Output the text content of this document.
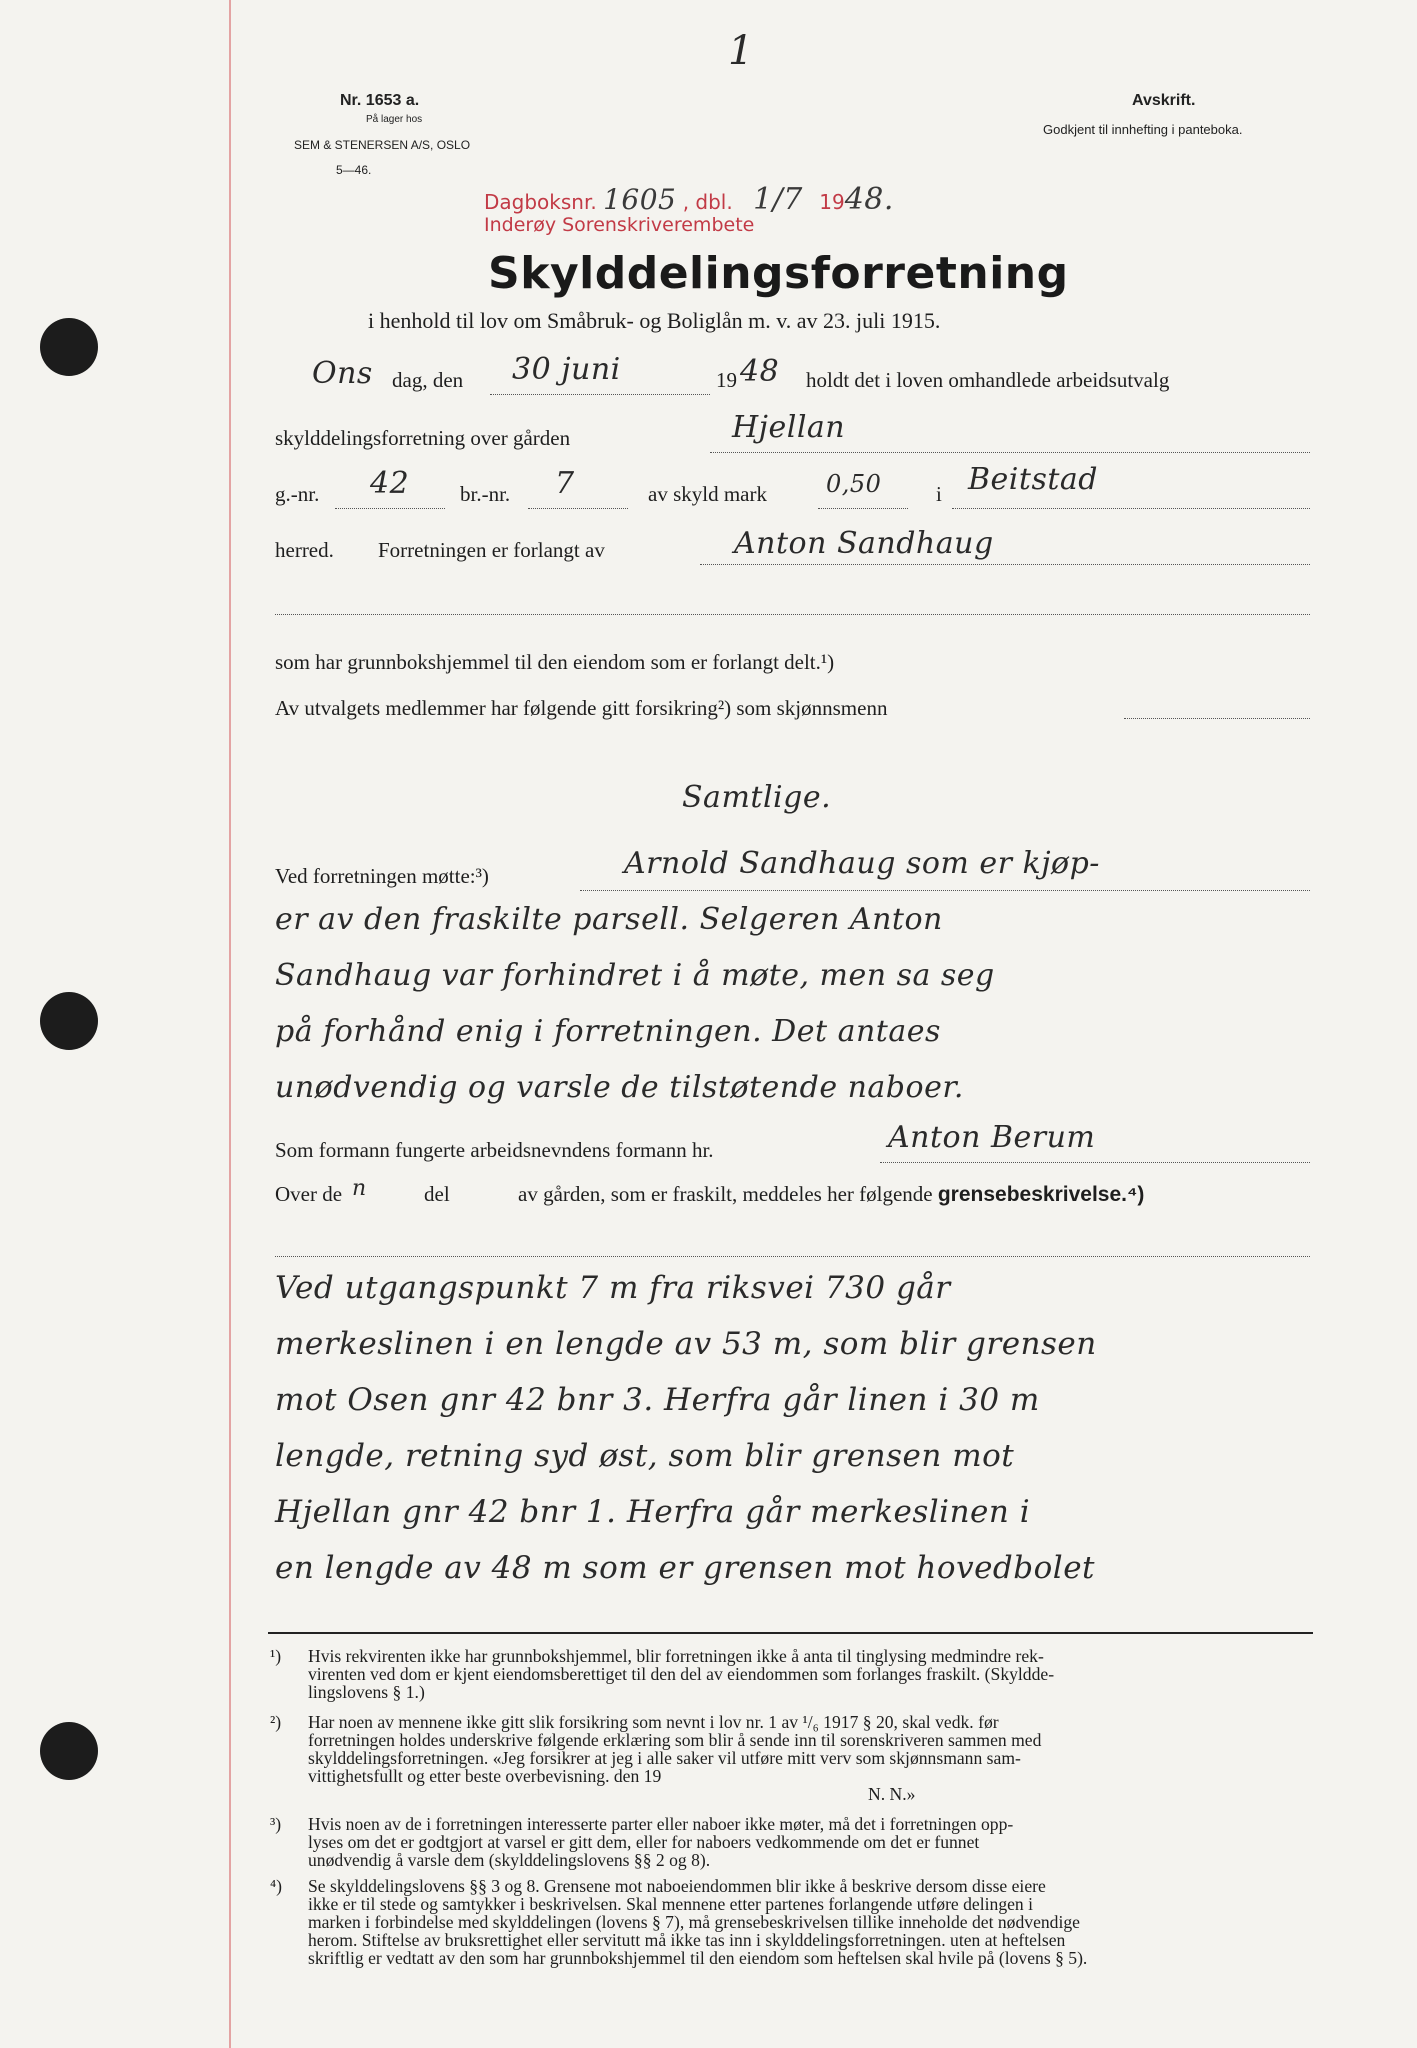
1
Nr. 1653 a.
På lager hos
SEM & STENERSEN A/S, OSLO
5—46.
Avskrift.
Godkjent til innhefting i panteboka.
Dagboksnr. 1605 , dbl. 1/7 1948.
Inderøy Sorenskriverembete
Skylddelingsforretning
i henhold til lov om Småbruk- og Boliglån m. v. av 23. juli 1915.
Ons dag, den 30 juni	19 48 holdt det i loven omhandlede arbeidsutvalg
skylddelingsforretning over gården	Hjellan
g.-nr. 42 br.-nr. 7	av skyld mark 0,50	i Beitstad
herred. Forretningen er forlangt av	Anton Sandhaug
som har grunnbokshjemmel til den eiendom som er forlangt delt.¹)
Av utvalgets medlemmer har følgende gitt forsikring²) som skjønnsmenn
Samtlige.
Ved forretningen møtte:³)	Arnold Sandhaug som er kjøp-
er av den fraskilte parsell. Selgeren Anton
Sandhaug var forhindret i å møte, men sa seg
på forhånd enig i forretningen. Det antaes
unødvendig og varsle de tilstøtende naboer.
Som formann fungerte arbeidsnevndens formann hr.	Anton Berum
Over de n	del	av gården, som er fraskilt, meddeles her følgende grensebeskrivelse.⁴)
Ved utgangspunkt 7 m fra riksvei 730 går
merkeslinen i en lengde av 53 m, som blir grensen
mot Osen gnr 42 bnr 3. Herfra går linen i 30 m
lengde, retning syd øst, som blir grensen mot
Hjellan gnr 42 bnr 1. Herfra går merkeslinen i
en lengde av 48 m som er grensen mot hovedbolet
¹) Hvis rekvirenten ikke har grunnbokshjemmel, blir forretningen ikke å anta til tinglysing medmindre rek-
virenten ved dom er kjent eiendomsberettiget til den del av eiendommen som forlanges fraskilt. (Skyldde-
lingslovens § 1.)
²) Har noen av mennene ikke gitt slik forsikring som nevnt i lov nr. 1 av ¹/₆ 1917 § 20, skal vedk. før
forretningen holdes underskrive følgende erklæring som blir å sende inn til sorenskriveren sammen med
skylddelingsforretningen. «Jeg forsikrer at jeg i alle saker vil utføre mitt verv som skjønnsmann sam-
vittighetsfullt og etter beste overbevisning. den 19
N. N.»
³) Hvis noen av de i forretningen interesserte parter eller naboer ikke møter, må det i forretningen opp-
lyses om det er godtgjort at varsel er gitt dem, eller for naboers vedkommende om det er funnet
unødvendig å varsle dem (skylddelingslovens §§ 2 og 8).
⁴) Se skylddelingslovens §§ 3 og 8. Grensene mot naboeiendommen blir ikke å beskrive dersom disse eiere
ikke er til stede og samtykker i beskrivelsen. Skal mennene etter partenes forlangende utføre delingen i
marken i forbindelse med skylddelingen (lovens § 7), må grensebeskrivelsen tillike inneholde det nødvendige
herom. Stiftelse av bruksrettighet eller servitutt må ikke tas inn i skylddelingsforretningen. uten at heftelsen
skriftlig er vedtatt av den som har grunnbokshjemmel til den eiendom som heftelsen skal hvile på (lovens § 5).
